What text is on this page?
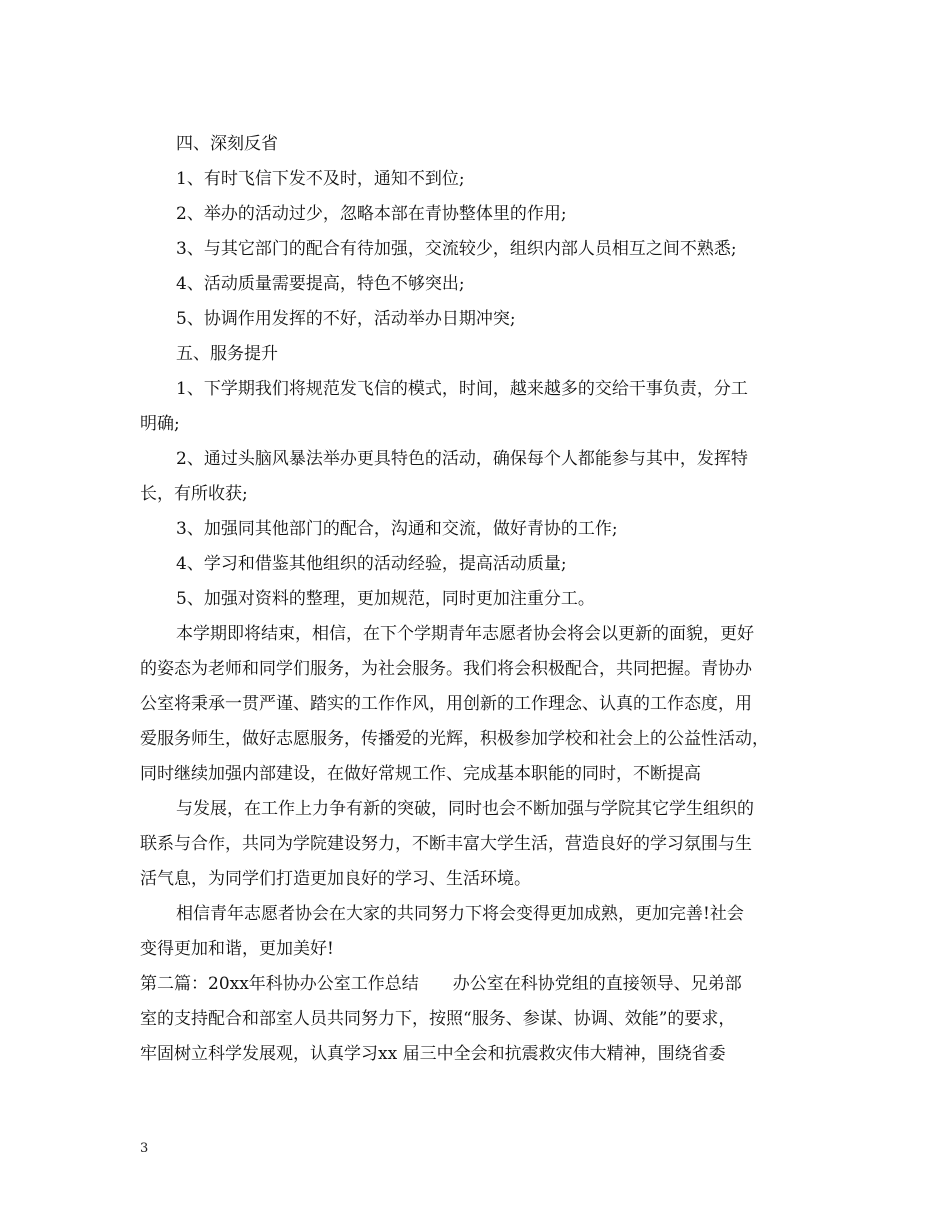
四、深刻反省
1、有时飞信下发不及时，通知不到位;
2、举办的活动过少，忽略本部在青协整体里的作用;
3、与其它部门的配合有待加强，交流较少，组织内部人员相互之间不熟悉;
4、活动质量需要提高，特色不够突出;
5、协调作用发挥的不好，活动举办日期冲突;
五、服务提升
1、下学期我们将规范发飞信的模式，时间，越来越多的交给干事负责，分工
明确;
2、通过头脑风暴法举办更具特色的活动，确保每个人都能参与其中，发挥特
长，有所收获;
3、加强同其他部门的配合，沟通和交流，做好青协的工作;
4、学习和借鉴其他组织的活动经验，提高活动质量;
5、加强对资料的整理，更加规范，同时更加注重分工。
本学期即将结束，相信，在下个学期青年志愿者协会将会以更新的面貌，更好
的姿态为老师和同学们服务，为社会服务。我们将会积极配合，共同把握。青协办
公室将秉承一贯严谨、踏实的工作作风，用创新的工作理念、认真的工作态度，用
爱服务师生，做好志愿服务，传播爱的光辉，积极参加学校和社会上的公益性活动，
同时继续加强内部建设，在做好常规工作、完成基本职能的同时，不断提高
与发展，在工作上力争有新的突破，同时也会不断加强与学院其它学生组织的
联系与合作，共同为学院建设努力，不断丰富大学生活，营造良好的学习氛围与生
活气息，为同学们打造更加良好的学习、生活环境。
相信青年志愿者协会在大家的共同努力下将会变得更加成熟，更加完善!社会
变得更加和谐，更加美好!
第二篇：20xx年科协办公室工作总结　　办公室在科协党组的直接领导、兄弟部
室的支持配合和部室人员共同努力下，按照“服务、参谋、协调、效能”的要求，
牢固树立科学发展观，认真学习xx 届三中全会和抗震救灾伟大精神，围绕省委
3
